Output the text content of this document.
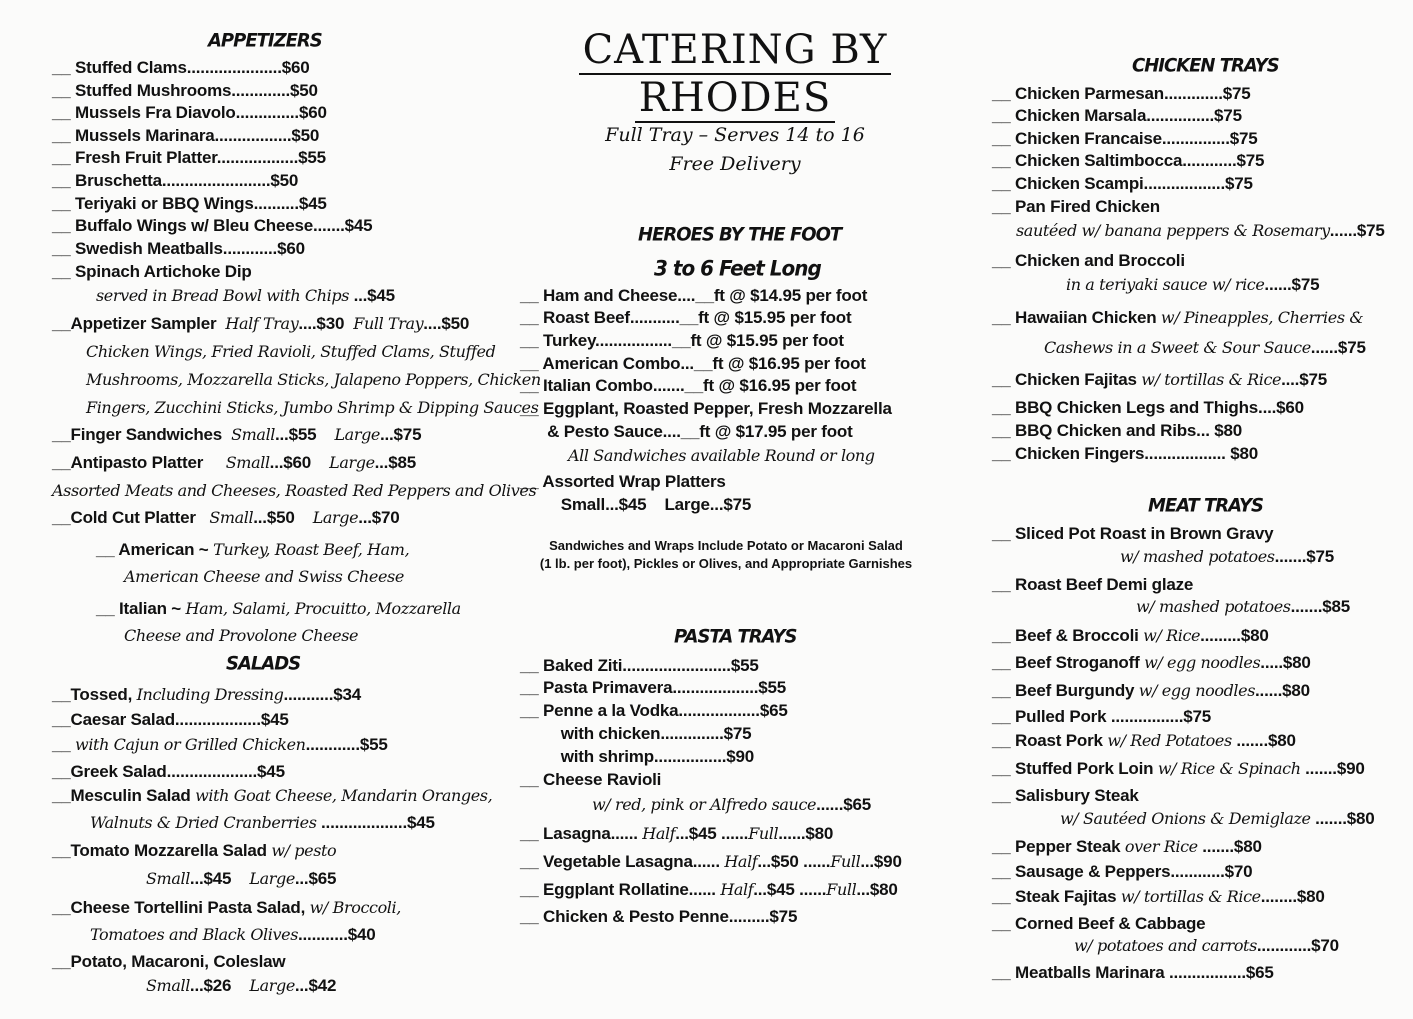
APPETIZERS
__ Stuffed Clams.....................$60
__ Stuffed Mushrooms.............$50
__ Mussels Fra Diavolo..............$60
__ Mussels Marinara.................$50
__ Fresh Fruit Platter..................$55
__ Bruschetta........................$50
__ Teriyaki or BBQ Wings..........$45
__ Buffalo Wings w/ Bleu Cheese.......$45
__ Swedish Meatballs............$60
__ Spinach Artichoke Dip
served in Bread Bowl with Chips ...$45
__Appetizer Sampler  Half Tray....$30  Full Tray....$50
Chicken Wings, Fried Ravioli, Stuffed Clams, Stuffed
Mushrooms, Mozzarella Sticks, Jalapeno Poppers, Chicken
Fingers, Zucchini Sticks, Jumbo Shrimp & Dipping Sauces
__Finger Sandwiches  Small...$55    Large...$75
__Antipasto Platter     Small...$60    Large...$85
Assorted Meats and Cheeses, Roasted Red Peppers and Olives
__Cold Cut Platter   Small...$50    Large...$70
__ American ~ Turkey, Roast Beef, Ham,
American Cheese and Swiss Cheese
__ Italian ~ Ham, Salami, Procuitto, Mozzarella
Cheese and Provolone Cheese
SALADS
__Tossed, Including Dressing...........$34
__Caesar Salad...................$45
__ with Cajun or Grilled Chicken............$55
__Greek Salad....................$45
__Mesculin Salad with Goat Cheese, Mandarin Oranges,
Walnuts & Dried Cranberries ...................$45
__Tomato Mozzarella Salad w/ pesto
Small...$45    Large...$65
__Cheese Tortellini Pasta Salad, w/ Broccoli,
Tomatoes and Black Olives...........$40
__Potato, Macaroni, Coleslaw
Small...$26    Large...$42
CATERING BY
RHODES
Full Tray – Serves 14 to 16
Free Delivery
HEROES BY THE FOOT
3 to 6 Feet Long
__ Ham and Cheese....__ft @ $14.95 per foot
__ Roast Beef...........__ft @ $15.95 per foot
__ Turkey.................__ft @ $15.95 per foot
__ American Combo...__ft @ $16.95 per foot
__ Italian Combo.......__ft @ $16.95 per foot
__ Eggplant, Roasted Pepper, Fresh Mozzarella
& Pesto Sauce....__ft @ $17.95 per foot
All Sandwiches available Round or long
__ Assorted Wrap Platters
Small...$45    Large...$75
Sandwiches and Wraps Include Potato or Macaroni Salad
(1 lb. per foot), Pickles or Olives, and Appropriate Garnishes
PASTA TRAYS
__ Baked Ziti........................$55
__ Pasta Primavera...................$55
__ Penne a la Vodka..................$65
with chicken..............$75
with shrimp................$90
__ Cheese Ravioli
w/ red, pink or Alfredo sauce......$65
__ Lasagna...... Half...$45 ......Full......$80
__ Vegetable Lasagna...... Half...$50 ......Full...$90
__ Eggplant Rollatine...... Half...$45 ......Full...$80
__ Chicken & Pesto Penne.........$75
CHICKEN TRAYS
__ Chicken Parmesan.............$75
__ Chicken Marsala...............$75
__ Chicken Francaise...............$75
__ Chicken Saltimbocca............$75
__ Chicken Scampi..................$75
__ Pan Fired Chicken
sautéed w/ banana peppers & Rosemary......$75
__ Chicken and Broccoli
in a teriyaki sauce w/ rice......$75
__ Hawaiian Chicken w/ Pineapples, Cherries &
Cashews in a Sweet & Sour Sauce......$75
__ Chicken Fajitas w/ tortillas & Rice....$75
__ BBQ Chicken Legs and Thighs....$60
__ BBQ Chicken and Ribs... $80
__ Chicken Fingers.................. $80
MEAT TRAYS
__ Sliced Pot Roast in Brown Gravy
w/ mashed potatoes.......$75
__ Roast Beef Demi glaze
w/ mashed potatoes.......$85
__ Beef & Broccoli w/ Rice.........$80
__ Beef Stroganoff w/ egg noodles.....$80
__ Beef Burgundy w/ egg noodles......$80
__ Pulled Pork ................$75
__ Roast Pork w/ Red Potatoes .......$80
__ Stuffed Pork Loin w/ Rice & Spinach .......$90
__ Salisbury Steak
w/ Sautéed Onions & Demiglaze .......$80
__ Pepper Steak over Rice .......$80
__ Sausage & Peppers............$70
__ Steak Fajitas w/ tortillas & Rice........$80
__ Corned Beef & Cabbage
w/ potatoes and carrots............$70
__ Meatballs Marinara .................$65
